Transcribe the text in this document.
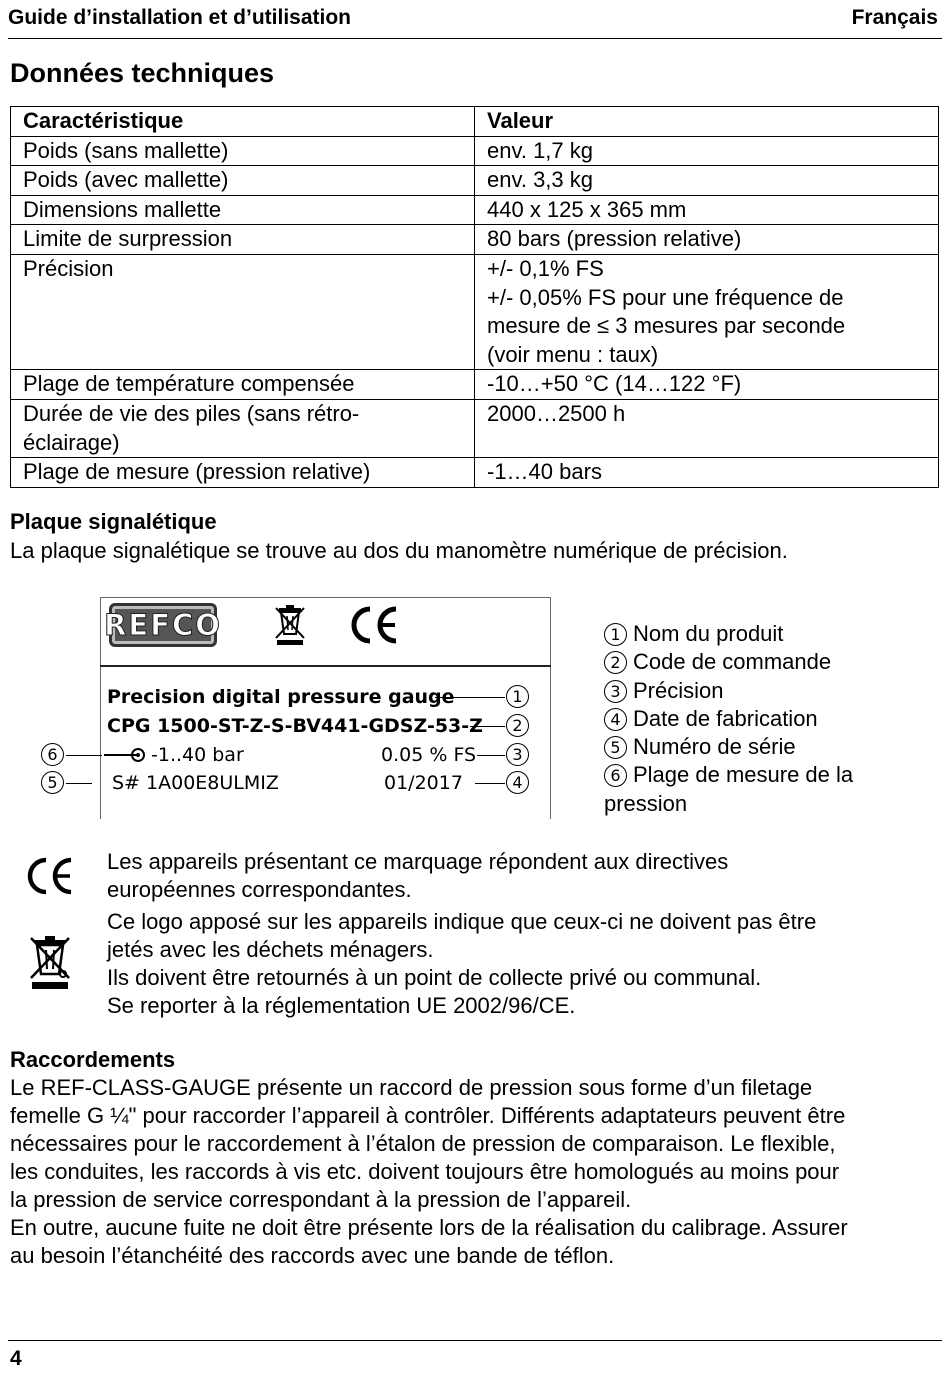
Guide d’installation et d’utilisation	Français
Données techniques
Caractéristique	Valeur

Poids (sans mallette)	env. 1,7 kg

Poids (avec mallette)	env. 3,3 kg

Dimensions mallette	440 x 125 x 365 mm

Limite de surpression	80 bars (pression relative)

Précision	+/- 0,1% FS
+/- 0,05% FS pour une fréquence de
mesure de ≤ 3 mesures par seconde
(voir menu : taux)

Plage de température compensée	-10…+50 °C (14…122 °F)

Durée de vie des piles (sans rétro-
éclairage)	2000…2500 h

Plage de mesure (pression relative)	-1…40 bars
Plaque signalétique
La plaque signalétique se trouve au dos du manomètre numérique de précision.
REFCO
Precision digital pressure gauge
CPG 1500-ST-Z-S-BV441-GDSZ-53-Z
-1..40 bar	0.05 % FS
S# 1A00E8ULMIZ	01/2017
1
2
3
4
6
5
1 Nom du produit
2 Code de commande
3 Précision
4 Date de fabrication
5 Numéro de série
6 Plage de mesure de la pression
Les appareils présentant ce marquage répondent aux directives
européennes correspondantes.
Ce logo apposé sur les appareils indique que ceux-ci ne doivent pas être
jetés avec les déchets ménagers.
Ils doivent être retournés à un point de collecte privé ou communal.
Se reporter à la réglementation UE 2002/96/CE.
Raccordements
Le REF-CLASS-GAUGE présente un raccord de pression sous forme d’un filetage
femelle G ¼" pour raccorder l’appareil à contrôler. Différents adaptateurs peuvent être
nécessaires pour le raccordement à l’étalon de pression de comparaison. Le flexible,
les conduites, les raccords à vis etc. doivent toujours être homologués au moins pour
la pression de service correspondant à la pression de l’appareil.
En outre, aucune fuite ne doit être présente lors de la réalisation du calibrage. Assurer
au besoin l’étanchéité des raccords avec une bande de téflon.
4
